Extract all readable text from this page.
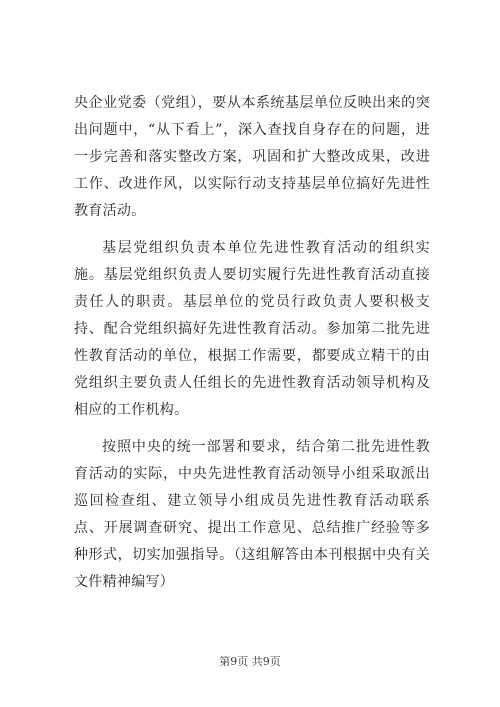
央企业党委（党组），要从本系统基层单位反映出来的突出问题中，“从下看上”，深入查找自身存在的问题，进一步完善和落实整改方案，巩固和扩大整改成果，改进工作、改进作风，以实际行动支持基层单位搞好先进性教育活动。

基层党组织负责本单位先进性教育活动的组织实施。基层党组织负责人要切实履行先进性教育活动直接责任人的职责。基层单位的党员行政负责人要积极支持、配合党组织搞好先进性教育活动。参加第二批先进性教育活动的单位，根据工作需要，都要成立精干的由党组织主要负责人任组长的先进性教育活动领导机构及相应的工作机构。

按照中央的统一部署和要求，结合第二批先进性教育活动的实际，中央先进性教育活动领导小组采取派出巡回检查组、建立领导小组成员先进性教育活动联系点、开展调查研究、提出工作意见、总结推广经验等多种形式，切实加强指导。（这组解答由本刊根据中央有关文件精神编写）

第9页 共9页
